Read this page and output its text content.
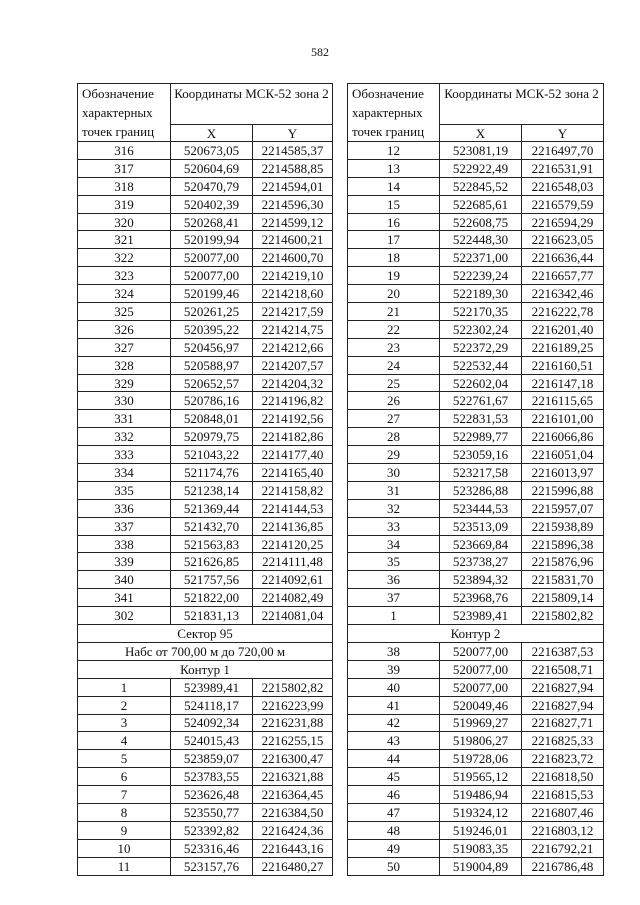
582
Обозначение характерных точек границ	Координаты МСК-52 зона 2	
	X	Y
316	520673,05	2214585,37
317	520604,69	2214588,85
318	520470,79	2214594,01
319	520402,39	2214596,30
320	520268,41	2214599,12
321	520199,94	2214600,21
322	520077,00	2214600,70
323	520077,00	2214219,10
324	520199,46	2214218,60
325	520261,25	2214217,59
326	520395,22	2214214,75
327	520456,97	2214212,66
328	520588,97	2214207,57
329	520652,57	2214204,32
330	520786,16	2214196,82
331	520848,01	2214192,56
332	520979,75	2214182,86
333	521043,22	2214177,40
334	521174,76	2214165,40
335	521238,14	2214158,82
336	521369,44	2214144,53
337	521432,70	2214136,85
338	521563,83	2214120,25
339	521626,85	2214111,48
340	521757,56	2214092,61
341	521822,00	2214082,49
302	521831,13	2214081,04
Сектор 95		
Набс от 700,00 м до 720,00 м		
Контур 1		
1	523989,41	2215802,82
2	524118,17	2216223,99
3	524092,34	2216231,88
4	524015,43	2216255,15
5	523859,07	2216300,47
6	523783,55	2216321,88
7	523626,48	2216364,45
8	523550,77	2216384,50
9	523392,82	2216424,36
10	523316,46	2216443,16
11	523157,76	2216480,27
Обозначение характерных точек границ	Координаты МСК-52 зона 2	
	X	Y
12	523081,19	2216497,70
13	522922,49	2216531,91
14	522845,52	2216548,03
15	522685,61	2216579,59
16	522608,75	2216594,29
17	522448,30	2216623,05
18	522371,00	2216636,44
19	522239,24	2216657,77
20	522189,30	2216342,46
21	522170,35	2216222,78
22	522302,24	2216201,40
23	522372,29	2216189,25
24	522532,44	2216160,51
25	522602,04	2216147,18
26	522761,67	2216115,65
27	522831,53	2216101,00
28	522989,77	2216066,86
29	523059,16	2216051,04
30	523217,58	2216013,97
31	523286,88	2215996,88
32	523444,53	2215957,07
33	523513,09	2215938,89
34	523669,84	2215896,38
35	523738,27	2215876,96
36	523894,32	2215831,70
37	523968,76	2215809,14
1	523989,41	2215802,82
Контур 2		
38	520077,00	2216387,53
39	520077,00	2216508,71
40	520077,00	2216827,94
41	520049,46	2216827,94
42	519969,27	2216827,71
43	519806,27	2216825,33
44	519728,06	2216823,72
45	519565,12	2216818,50
46	519486,94	2216815,53
47	519324,12	2216807,46
48	519246,01	2216803,12
49	519083,35	2216792,21
50	519004,89	2216786,48
